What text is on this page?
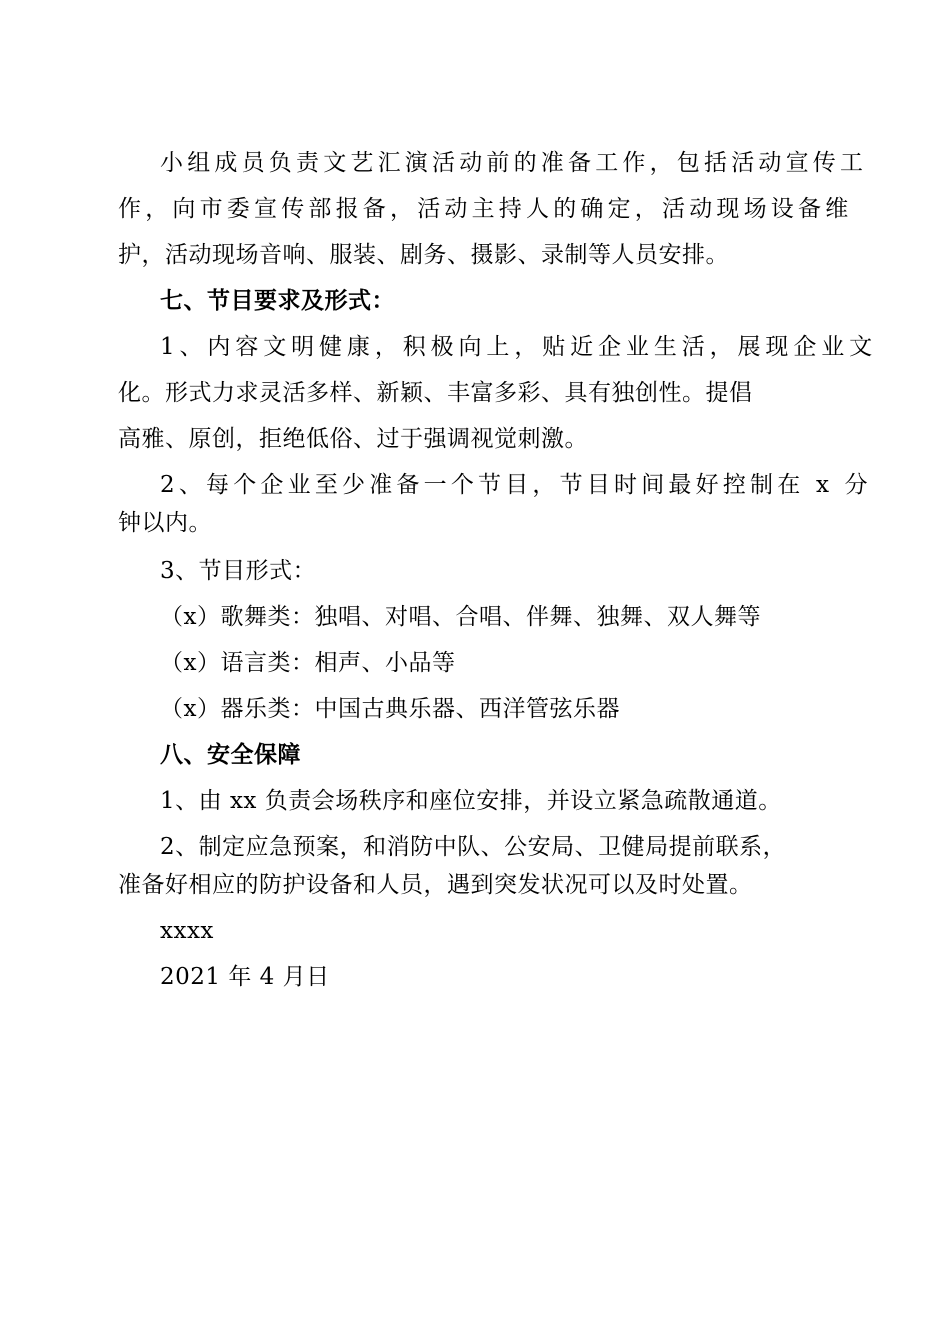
小组成员负责文艺汇演活动前的准备工作，包括活动宣传工
作，向市委宣传部报备，活动主持人的确定，活动现场设备维
护，活动现场音响、服装、剧务、摄影、录制等人员安排。
七、节目要求及形式：
1、内容文明健康，积极向上，贴近企业生活，展现企业文
化。形式力求灵活多样、新颖、丰富多彩、具有独创性。提倡
高雅、原创，拒绝低俗、过于强调视觉刺激。
2、每个企业至少准备一个节目，节目时间最好控制在 x 分
钟以内。
3、节目形式：
（x）歌舞类：独唱、对唱、合唱、伴舞、独舞、双人舞等
（x）语言类：相声、小品等
（x）器乐类：中国古典乐器、西洋管弦乐器
八、安全保障
1、由 xx 负责会场秩序和座位安排，并设立紧急疏散通道。
2、制定应急预案，和消防中队、公安局、卫健局提前联系，
准备好相应的防护设备和人员，遇到突发状况可以及时处置。
xxxx
2021 年 4 月日
